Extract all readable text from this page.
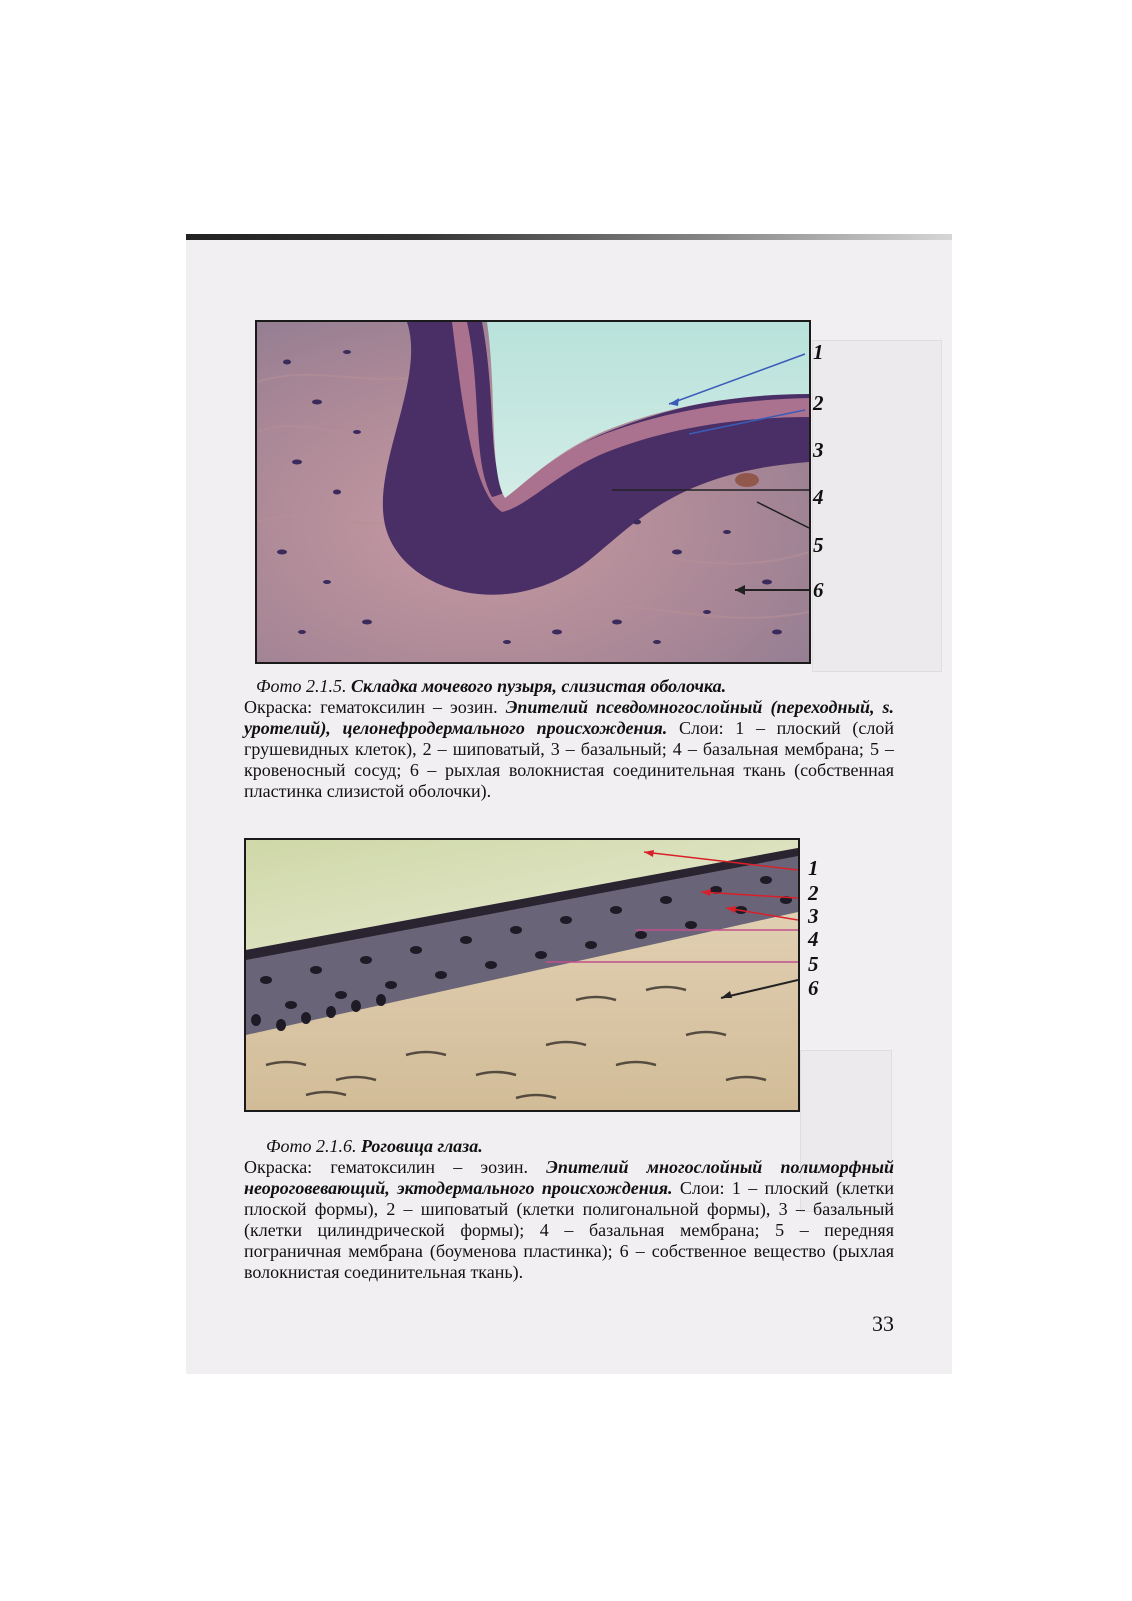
1
2
3
4
5
6
Фото 2.1.5. Складка мочевого пузыря, слизистая оболочка.
Окраска: гематоксилин – эозин. Эпителий псевдомногослойный (переходный, s. уротелий), целонефродермального происхождения. Слои: 1 – плоский (слой грушевидных клеток), 2 – шиповатый, 3 – базальный; 4 – базальная мембрана; 5 – кровеносный сосуд; 6 – рыхлая волокнистая соединительная ткань (собственная пластинка слизистой оболочки).
1
2
3
4
5
6
Фото 2.1.6. Роговица глаза.
Окраска: гематоксилин – эозин. Эпителий многослойный полиморфный неороговевающий, эктодермального происхождения. Слои: 1 – плоский (клетки плоской формы), 2 – шиповатый (клетки полигональной формы), 3 – базальный (клетки цилиндрической формы); 4 – базальная мембрана; 5 – передняя пограничная мембрана (боуменова пластинка); 6 – собственное вещество (рыхлая волокнистая соединительная ткань).
33
